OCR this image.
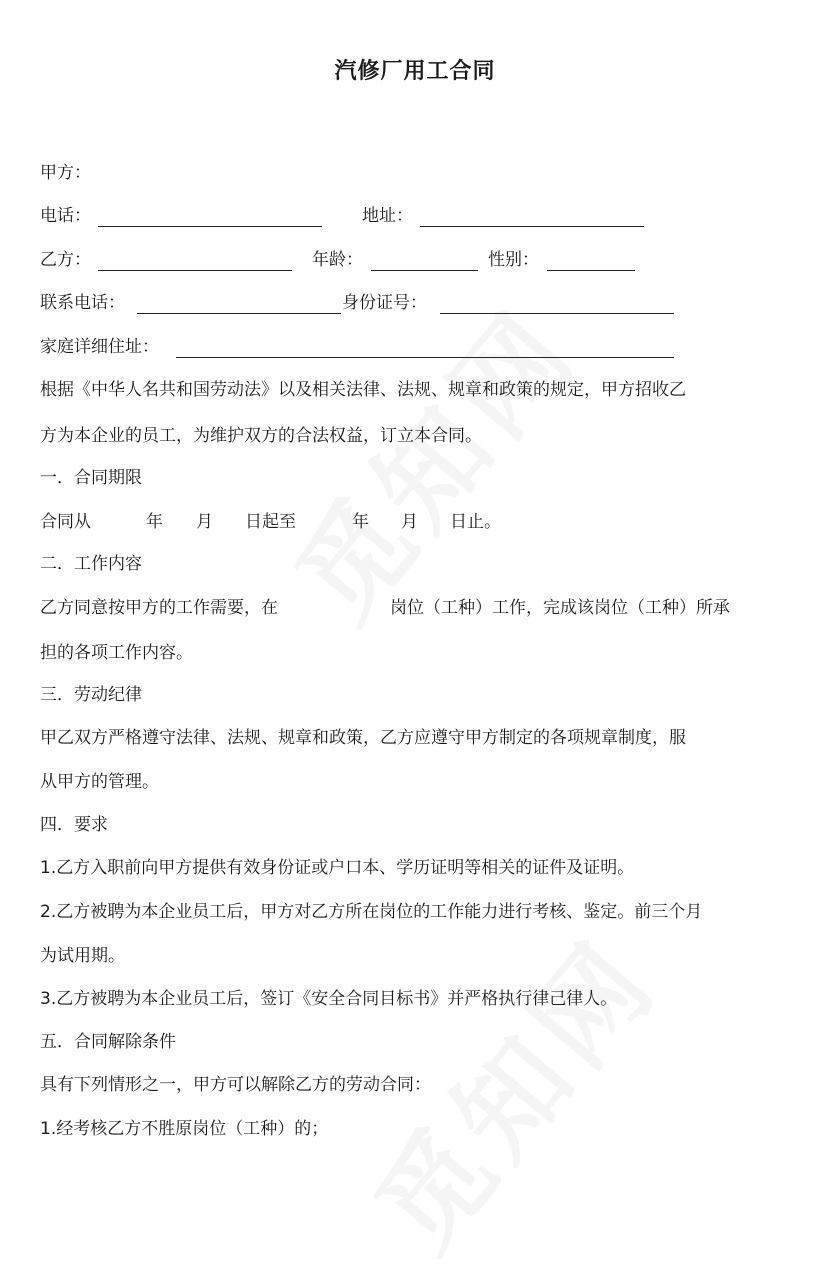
汽修厂用工合同
甲方：
电话：	地址：
乙方：	年龄：	性别：
联系电话：	身份证号：
家庭详细住址：
根据《中华人名共和国劳动法》以及相关法律、法规、规章和政策的规定，甲方招收乙
方为本企业的员工，为维护双方的合法权益，订立本合同。
一．合同期限
合同从	年 月 日起至	年 月 日止。
二．工作内容
乙方同意按甲方的工作需要，在	岗位（工种）工作，完成该岗位（工种）所承
担的各项工作内容。
三．劳动纪律
甲乙双方严格遵守法律、法规、规章和政策，乙方应遵守甲方制定的各项规章制度，服
从甲方的管理。
四．要求
1.乙方入职前向甲方提供有效身份证或户口本、学历证明等相关的证件及证明。
2.乙方被聘为本企业员工后，甲方对乙方所在岗位的工作能力进行考核、鉴定。前三个月
为试用期。
3.乙方被聘为本企业员工后，签订《安全合同目标书》并严格执行律己律人。
五．合同解除条件
具有下列情形之一，甲方可以解除乙方的劳动合同：
1.经考核乙方不胜原岗位（工种）的；
